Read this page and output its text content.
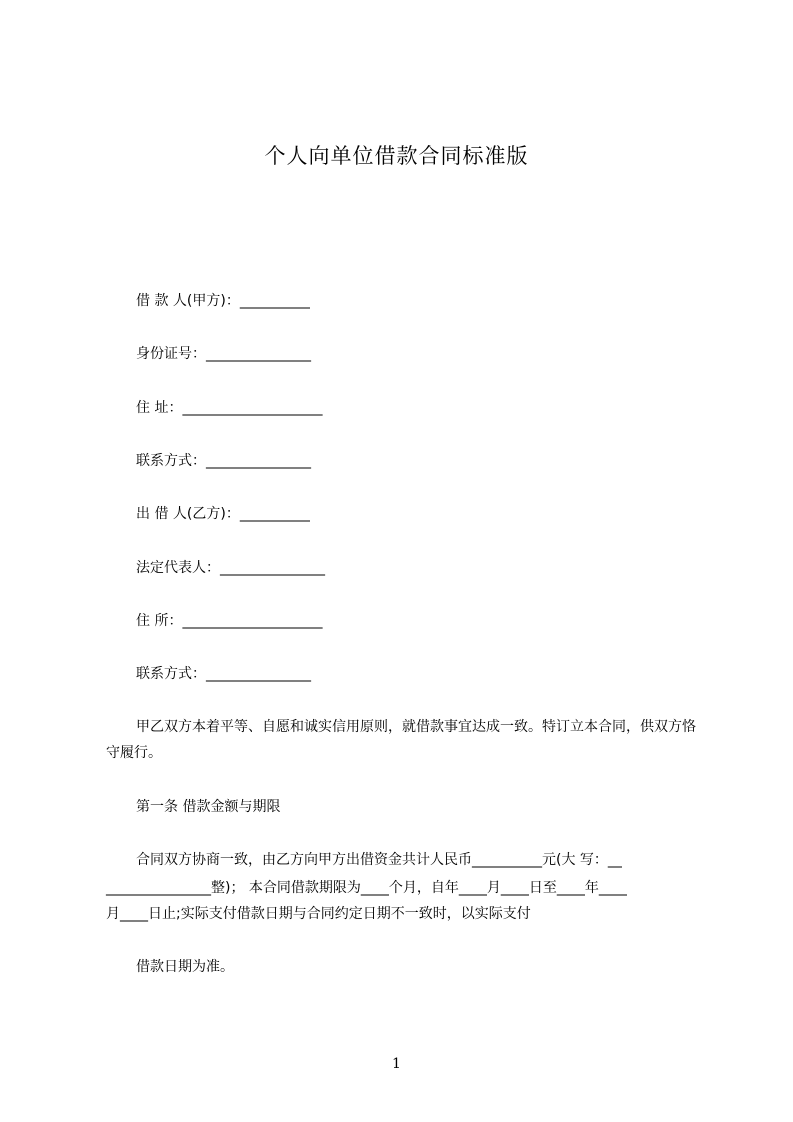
个人向单位借款合同标准版
借 款 人(甲方)：__________
身份证号：_______________
住 址：____________________
联系方式：_______________
出 借 人(乙方)：__________
法定代表人：_______________
住 所：____________________
联系方式：_______________

甲乙双方本着平等、自愿和诚实信用原则，就借款事宜达成一致。特订立本合同，供双方恪守履行。

第一条 借款金额与期限
合同双方协商一致，由乙方向甲方出借资金共计人民币__________元(大 写：__
_______________整)； 本合同借款期限为____个月，自年____月____日至____年____
月____日止;实际支付借款日期与合同约定日期不一致时，以实际支付
借款日期为准。
1
